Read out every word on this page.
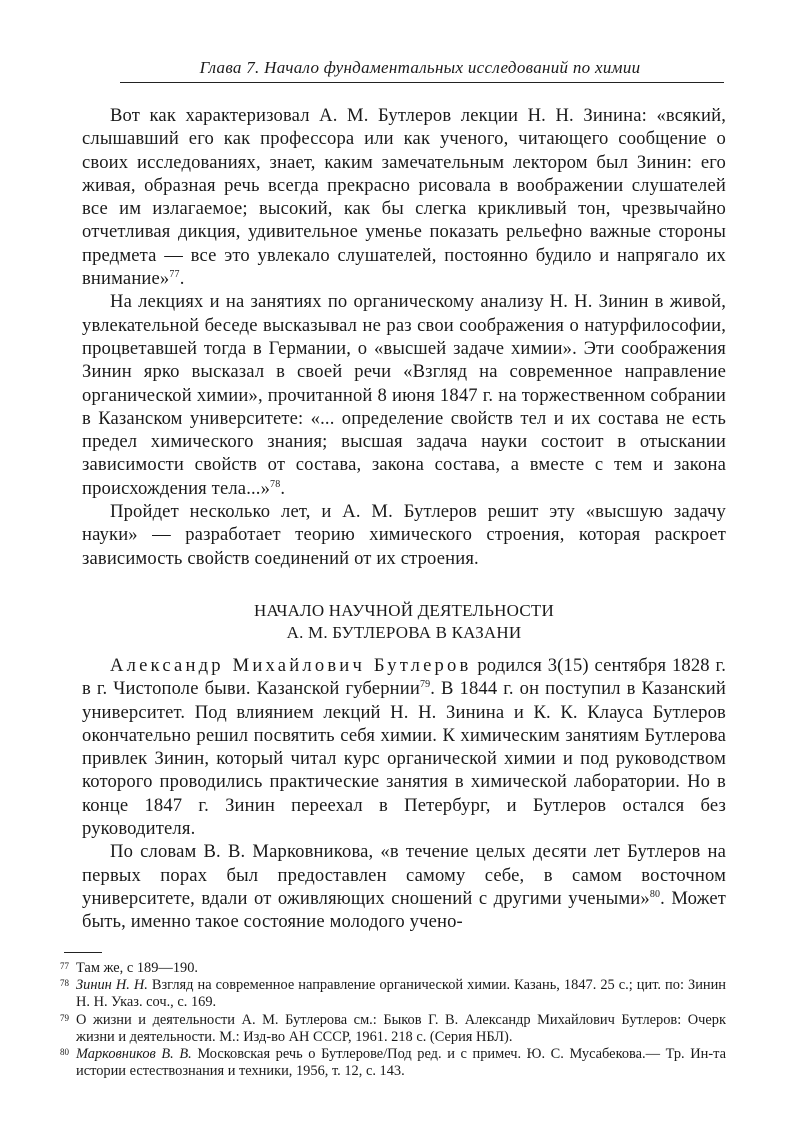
Глава 7. Начало фундаментальных исследований по химии

Вот как характеризовал А. М. Бутлеров лекции Н. Н. Зинина: «всякий, слышавший его как профессора или как ученого, читающего сообщение о своих исследованиях, знает, каким замечательным лектором был Зинин: его живая, образная речь всегда прекрасно рисовала в воображении слушателей все им излагаемое; высокий, как бы слегка крикливый тон, чрезвычайно отчетливая дикция, удивительное уменье показать рельефно важные стороны предмета — все это увлекало слушателей, постоянно будило и напрягало их внимание»$^{77}$.

На лекциях и на занятиях по органическому анализу Н. Н. Зинин в живой, увлекательной беседе высказывал не раз свои соображения о натурфилософии, процветавшей тогда в Германии, о «высшей задаче химии». Эти соображения Зинин ярко высказал в своей речи «Взгляд на современное направление органической химии», прочитанной 8 июня 1847 г. на торжественном собрании в Казанском университете: «... определение свойств тел и их состава не есть предел химического знания; высшая задача науки состоит в отыскании зависимости свойств от состава, закона состава, а вместе с тем и закона происхождения тела...»$^{78}$.

Пройдет несколько лет, и А. М. Бутлеров решит эту «высшую задачу науки» — разработает теорию химического строения, которая раскроет зависимость свойств соединений от их строения.

НАЧАЛО НАУЧНОЙ ДЕЯТЕЛЬНОСТИ
А. М. БУТЛЕРОВА В КАЗАНИ

Александр Михайлович Бутлеров родился 3(15) сентября 1828 г. в г. Чистополе быви. Казанской губернии$^{79}$. В 1844 г. он поступил в Казанский университет. Под влиянием лекций Н. Н. Зинина и К. К. Клауса Бутлеров окончательно решил посвятить себя химии. К химическим занятиям Бутлерова привлек Зинин, который читал курс органической химии и под руководством которого проводились практические занятия в химической лаборатории. Но в конце 1847 г. Зинин переехал в Петербург, и Бутлеров остался без руководителя.

По словам В. В. Марковникова, «в течение целых десяти лет Бутлеров на первых порах был предоставлен самому себе, в самом восточном университете, вдали от оживляющих сношений с другими учеными»$^{80}$. Может быть, именно такое состояние молодого учено-

77 Там же, с 189—190.
78 Зинин Н. Н. Взгляд на современное направление органической химии. Казань, 1847. 25 с.; цит. по: Зинин Н. Н. Указ. соч., с. 169.
79 О жизни и деятельности А. М. Бутлерова см.: Быков Г. В. Александр Михайлович Бутлеров: Очерк жизни и деятельности. М.: Изд-во АН СССР, 1961. 218 с. (Серия НБЛ).
80 Марковников В. В. Московская речь о Бутлерове/Под ред. и с примеч. Ю. С. Мусабекова.— Тр. Ин-та истории естествознания и техники, 1956, т. 12, с. 143.
